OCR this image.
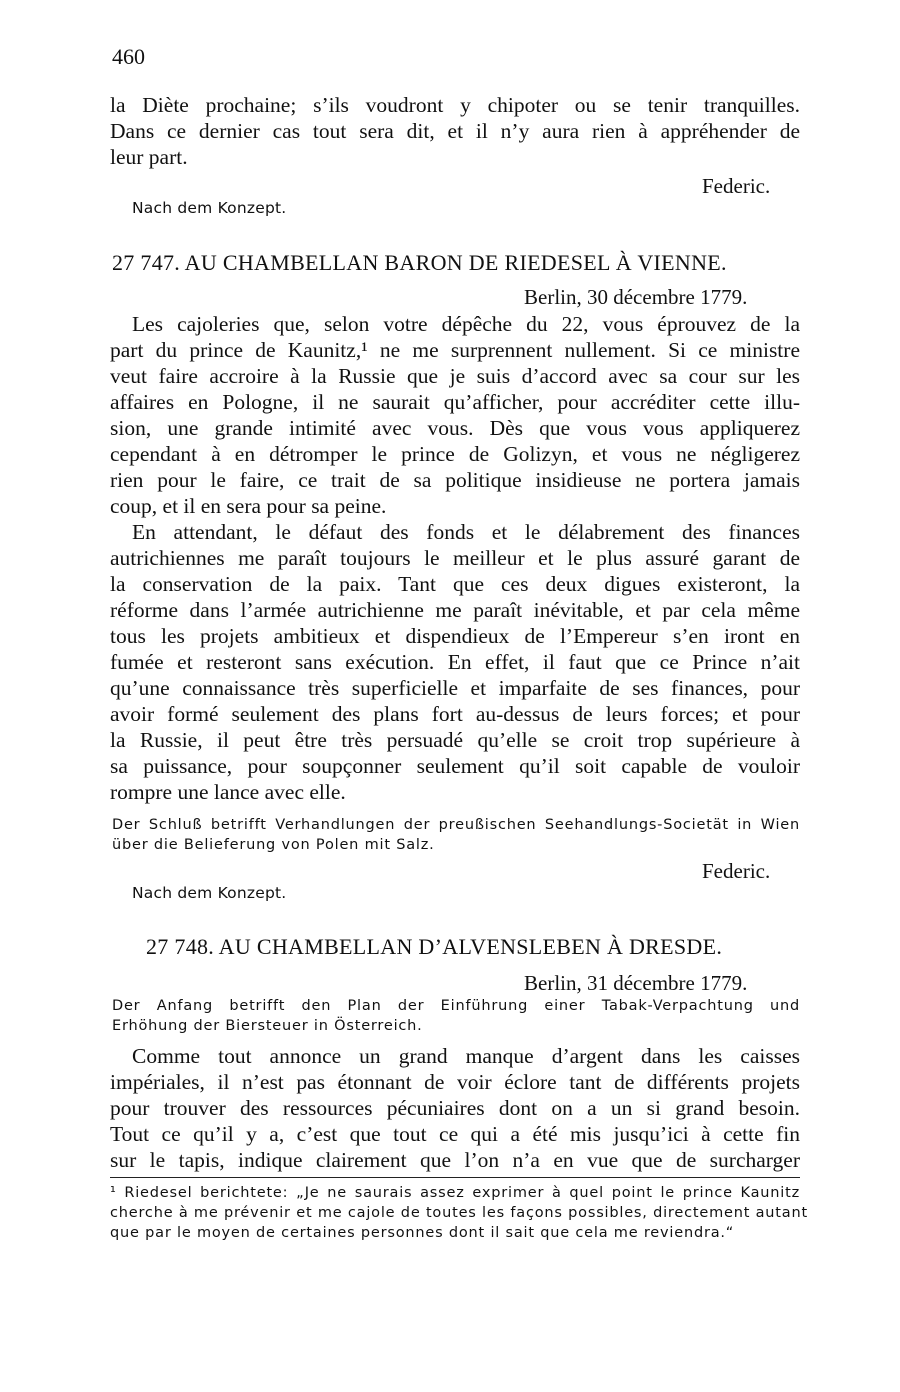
460
la Diète prochaine; s’ils voudront y chipoter ou se tenir tranquilles.
Dans ce dernier cas tout sera dit, et il n’y aura rien à appréhender de
leur part.
Federic.
Nach dem Konzept.
27 747. AU CHAMBELLAN BARON DE RIEDESEL À VIENNE.
Berlin, 30 décembre 1779.
Les cajoleries que, selon votre dépêche du 22, vous éprouvez de la
part du prince de Kaunitz,¹ ne me surprennent nullement. Si ce ministre
veut faire accroire à la Russie que je suis d’accord avec sa cour sur les
affaires en Pologne, il ne saurait qu’afficher, pour accréditer cette illu-
sion, une grande intimité avec vous. Dès que vous vous appliquerez
cependant à en détromper le prince de Golizyn, et vous ne négligerez
rien pour le faire, ce trait de sa politique insidieuse ne portera jamais
coup, et il en sera pour sa peine.
En attendant, le défaut des fonds et le délabrement des finances
autrichiennes me paraît toujours le meilleur et le plus assuré garant de
la conservation de la paix. Tant que ces deux digues existeront, la
réforme dans l’armée autrichienne me paraît inévitable, et par cela même
tous les projets ambitieux et dispendieux de l’Empereur s’en iront en
fumée et resteront sans exécution. En effet, il faut que ce Prince n’ait
qu’une connaissance très superficielle et imparfaite de ses finances, pour
avoir formé seulement des plans fort au-dessus de leurs forces; et pour
la Russie, il peut être très persuadé qu’elle se croit trop supérieure à
sa puissance, pour soupçonner seulement qu’il soit capable de vouloir
rompre une lance avec elle.
Der Schluß betrifft Verhandlungen der preußischen Seehandlungs-Societät in Wien
über die Belieferung von Polen mit Salz.
Federic.
Nach dem Konzept.
27 748. AU CHAMBELLAN D’ALVENSLEBEN À DRESDE.
Berlin, 31 décembre 1779.
Der Anfang betrifft den Plan der Einführung einer Tabak-Verpachtung und
Erhöhung der Biersteuer in Österreich.
Comme tout annonce un grand manque d’argent dans les caisses
impériales, il n’est pas étonnant de voir éclore tant de différents projets
pour trouver des ressources pécuniaires dont on a un si grand besoin.
Tout ce qu’il y a, c’est que tout ce qui a été mis jusqu’ici à cette fin
sur le tapis, indique clairement que l’on n’a en vue que de surcharger
¹ Riedesel berichtete: „Je ne saurais assez exprimer à quel point le prince Kaunitz
cherche à me prévenir et me cajole de toutes les façons possibles, directement autant
que par le moyen de certaines personnes dont il sait que cela me reviendra.“
